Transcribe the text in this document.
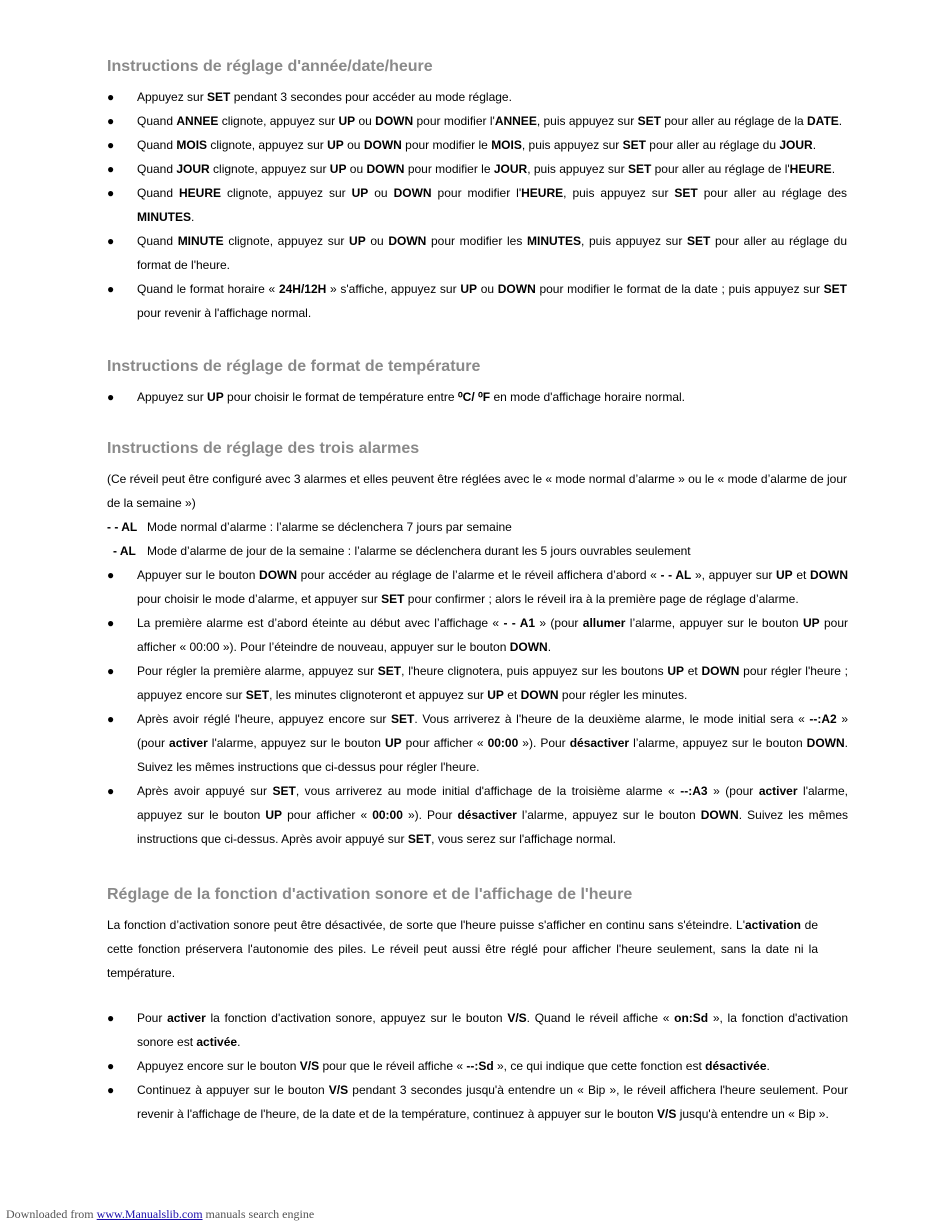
Instructions de réglage d'année/date/heure
● Appuyez sur SET pendant 3 secondes pour accéder au mode réglage.
● Quand ANNEE clignote, appuyez sur UP ou DOWN pour modifier l'ANNEE, puis appuyez sur SET pour aller au réglage de la DATE.
● Quand MOIS clignote, appuyez sur UP ou DOWN pour modifier le MOIS, puis appuyez sur SET pour aller au réglage du JOUR.
● Quand JOUR clignote, appuyez sur UP ou DOWN pour modifier le JOUR, puis appuyez sur SET pour aller au réglage de l'HEURE.
● Quand HEURE clignote, appuyez sur UP ou DOWN pour modifier l'HEURE, puis appuyez sur SET pour aller au réglage des MINUTES.
● Quand MINUTE clignote, appuyez sur UP ou DOWN pour modifier les MINUTES, puis appuyez sur SET pour aller au réglage du format de l'heure.
● Quand le format horaire « 24H/12H » s'affiche, appuyez sur UP ou DOWN pour modifier le format de la date ; puis appuyez sur SET pour revenir à l'affichage normal.
Instructions de réglage de format de température
● Appuyez sur UP pour choisir le format de température entre ⁰C/ ⁰F en mode d'affichage horaire normal.
Instructions de réglage des trois alarmes

(Ce réveil peut être configuré avec 3 alarmes et elles peuvent être réglées avec le « mode normal d’alarme » ou le « mode d’alarme de jour de la semaine »)

- - AL Mode normal d’alarme : l’alarme se déclenchera 7 jours par semaine
- AL Mode d’alarme de jour de la semaine : l’alarme se déclenchera durant les 5 jours ouvrables seulement
● Appuyer sur le bouton DOWN pour accéder au réglage de l’alarme et le réveil affichera d’abord « - - AL », appuyer sur UP et DOWN pour choisir le mode d’alarme, et appuyer sur SET pour confirmer ; alors le réveil ira à la première page de réglage d’alarme.
● La première alarme est d’abord éteinte au début avec l’affichage « - - A1 » (pour allumer l’alarme, appuyer sur le bouton UP pour afficher « 00:00 »). Pour l’éteindre de nouveau, appuyer sur le bouton DOWN.
● Pour régler la première alarme, appuyez sur SET, l'heure clignotera, puis appuyez sur les boutons UP et DOWN pour régler l'heure ; appuyez encore sur SET, les minutes clignoteront et appuyez sur UP et DOWN pour régler les minutes.
● Après avoir réglé l'heure, appuyez encore sur SET. Vous arriverez à l'heure de la deuxième alarme, le mode initial sera « --:A2 » (pour activer l'alarme, appuyez sur le bouton UP pour afficher « 00:00 »). Pour désactiver l’alarme, appuyez sur le bouton DOWN. Suivez les mêmes instructions que ci-dessus pour régler l'heure.
● Après avoir appuyé sur SET, vous arriverez au mode initial d'affichage de la troisième alarme « --:A3 » (pour activer l'alarme, appuyez sur le bouton UP pour afficher « 00:00 »). Pour désactiver l’alarme, appuyez sur le bouton DOWN. Suivez les mêmes instructions que ci-dessus. Après avoir appuyé sur SET, vous serez sur l'affichage normal.
Réglage de la fonction d'activation sonore et de l'affichage de l'heure

La fonction d’activation sonore peut être désactivée, de sorte que l'heure puisse s'afficher en continu sans s'éteindre. L'activation de cette fonction préservera l'autonomie des piles. Le réveil peut aussi être réglé pour afficher l'heure seulement, sans la date ni la température.

● Pour activer la fonction d'activation sonore, appuyez sur le bouton V/S. Quand le réveil affiche « on:Sd », la fonction d'activation sonore est activée.
● Appuyez encore sur le bouton V/S pour que le réveil affiche « --:Sd », ce qui indique que cette fonction est désactivée.
● Continuez à appuyer sur le bouton V/S pendant 3 secondes jusqu'à entendre un « Bip », le réveil affichera l'heure seulement. Pour revenir à l'affichage de l'heure, de la date et de la température, continuez à appuyer sur le bouton V/S jusqu'à entendre un « Bip ».
Downloaded from www.Manualslib.com manuals search engine
